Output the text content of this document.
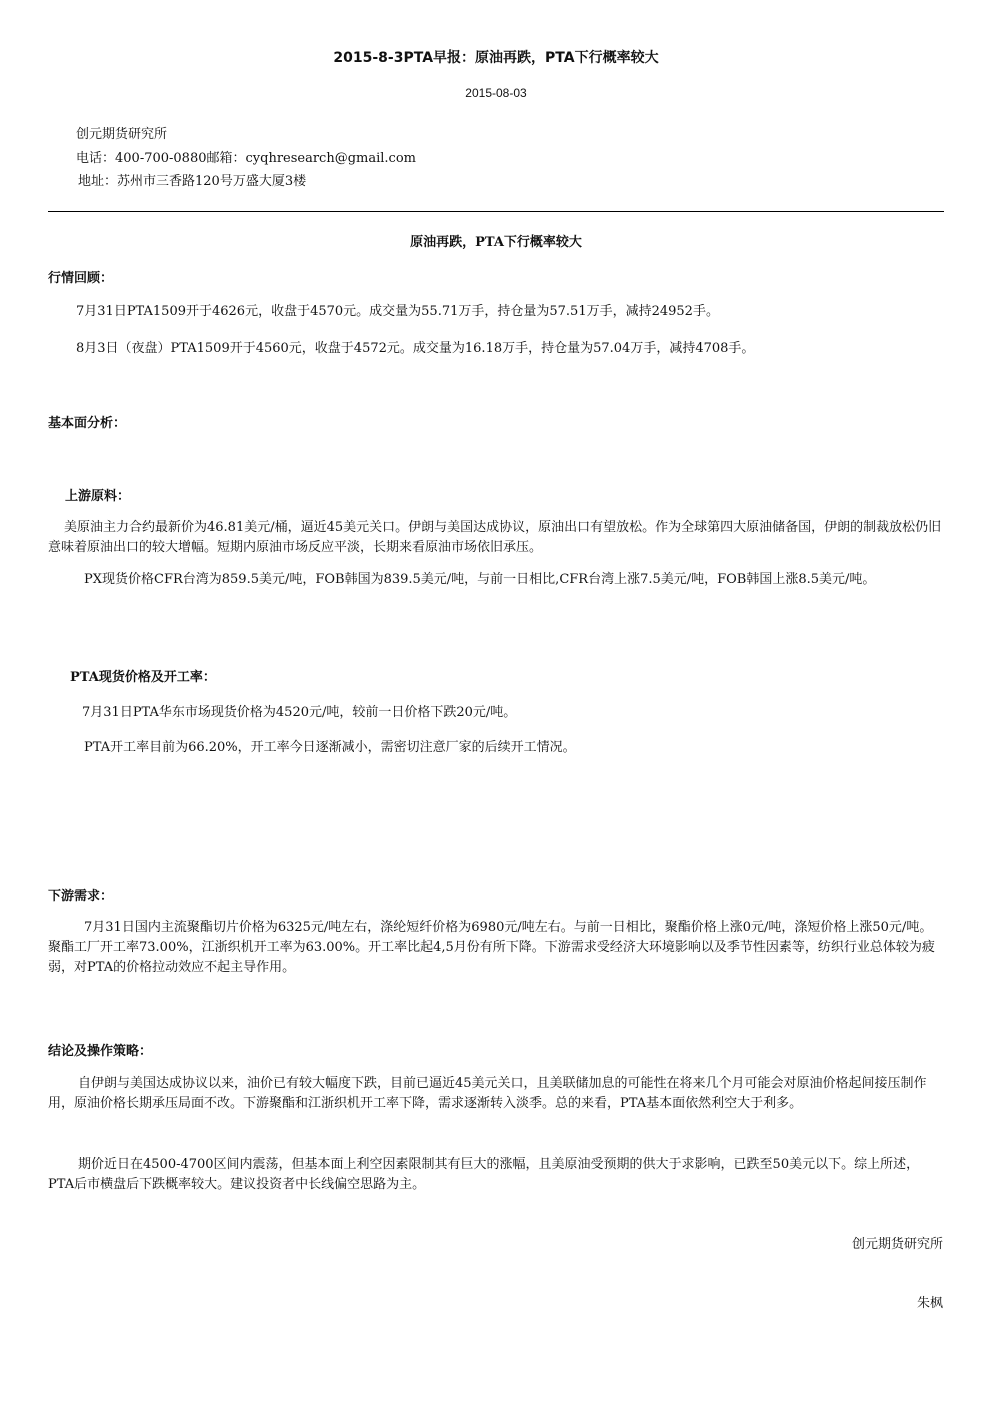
2015-8-3PTA早报：原油再跌，PTA下行概率较大
2015-08-03
创元期货研究所
电话：400-700-0880邮箱：cyqhresearch@gmail.com
地址：苏州市三香路120号万盛大厦3楼
原油再跌，PTA下行概率较大
行情回顾：
7月31日PTA1509开于4626元，收盘于4570元。成交量为55.71万手，持仓量为57.51万手，减持24952手。
8月3日（夜盘）PTA1509开于4560元，收盘于4572元。成交量为16.18万手，持仓量为57.04万手，减持4708手。
基本面分析：
上游原料：
美原油主力合约最新价为46.81美元/桶，逼近45美元关口。伊朗与美国达成协议，原油出口有望放松。作为全球第四大原油储备国，伊朗的制裁放松仍旧意味着原油出口的较大增幅。短期内原油市场反应平淡，长期来看原油市场依旧承压。
PX现货价格CFR台湾为859.5美元/吨，FOB韩国为839.5美元/吨，与前一日相比,CFR台湾上涨7.5美元/吨，FOB韩国上涨8.5美元/吨。
PTA现货价格及开工率：
7月31日PTA华东市场现货价格为4520元/吨，较前一日价格下跌20元/吨。
PTA开工率目前为66.20%，开工率今日逐渐减小，需密切注意厂家的后续开工情况。
下游需求：
7月31日国内主流聚酯切片价格为6325元/吨左右，涤纶短纤价格为6980元/吨左右。与前一日相比，聚酯价格上涨0元/吨，涤短价格上涨50元/吨。聚酯工厂开工率73.00%，江浙织机开工率为63.00%。开工率比起4,5月份有所下降。下游需求受经济大环境影响以及季节性因素等，纺织行业总体较为疲弱，对PTA的价格拉动效应不起主导作用。
结论及操作策略：
自伊朗与美国达成协议以来，油价已有较大幅度下跌，目前已逼近45美元关口，且美联储加息的可能性在将来几个月可能会对原油价格起间接压制作用，原油价格长期承压局面不改。下游聚酯和江浙织机开工率下降，需求逐渐转入淡季。总的来看，PTA基本面依然利空大于利多。
期价近日在4500-4700区间内震荡，但基本面上利空因素限制其有巨大的涨幅，且美原油受预期的供大于求影响，已跌至50美元以下。综上所述，PTA后市横盘后下跌概率较大。建议投资者中长线偏空思路为主。
创元期货研究所
朱枫
